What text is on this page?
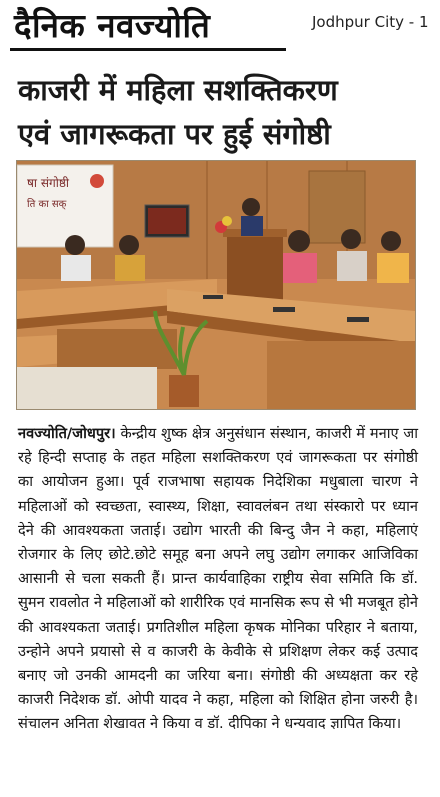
दैनिक नवज्योति	Jodhpur City - 1
काजरी में महिला सशक्तिकरण
एवं जागरूकता पर हुई संगोष्ठी
षा संगोष्ठी
ति का सक्
नवज्योति/जोधपुर। केन्द्रीय शुष्क क्षेत्र अनुसंधान संस्थान, काजरी में मनाए जा रहे हिन्दी सप्ताह के तहत महिला सशक्तिकरण एवं जागरूकता पर संगोष्ठी का आयोजन हुआ। पूर्व राजभाषा सहायक निदेशिका मधुबाला चारण ने महिलाओं को स्वच्छता, स्वास्थ्य, शिक्षा, स्वावलंबन तथा संस्कारो पर ध्यान देने की आवश्यकता जताई। उद्योग भारती की बिन्दु जैन ने कहा, महिलाएं रोजगार के लिए छोटे.छोटे समूह बना अपने लघु उद्योग लगाकर आजिविका आसानी से चला सकती हैं। प्रान्त कार्यवाहिका राष्ट्रीय सेवा समिति कि डॉ. सुमन रावलोत ने महिलाओं को शारीरिक एवं मानसिक रूप से भी मजबूत होने की आवश्यकता जताई। प्रगतिशील महिला कृषक मोनिका परिहार ने बताया, उन्होने अपने प्रयासो से व काजरी के केवीके से प्रशिक्षण लेकर कई उत्पाद बनाए जो उनकी आमदनी का जरिया बना। संगोष्ठी की अध्यक्षता कर रहे काजरी निदेशक डॉ. ओपी यादव ने कहा, महिला को शिक्षित होना जरुरी है। संचालन अनिता शेखावत ने किया व डॉ. दीपिका ने धन्यवाद ज्ञापित किया।
